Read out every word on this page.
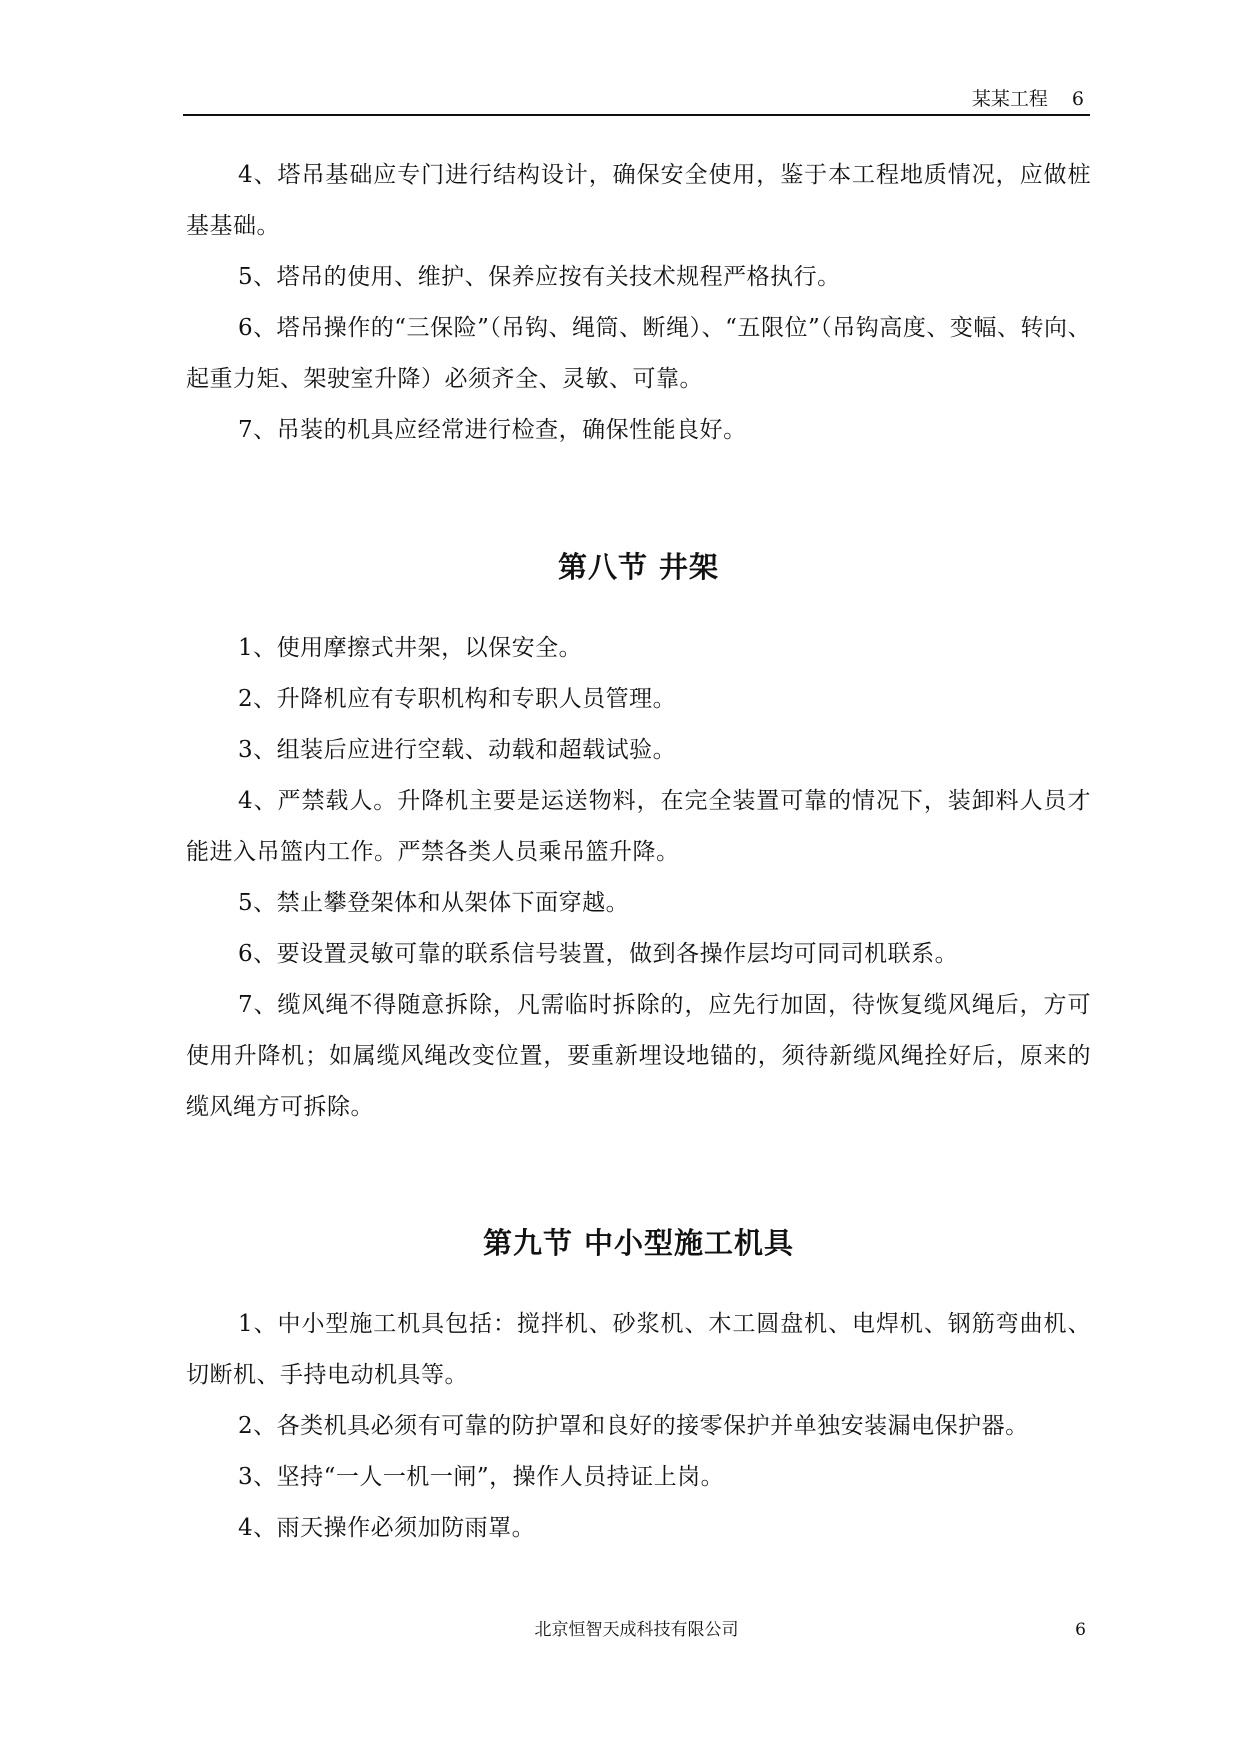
某某工程 6

4、塔吊基础应专门进行结构设计，确保安全使用，鉴于本工程地质情况，应做桩基基础。

5、塔吊的使用、维护、保养应按有关技术规程严格执行。

6、塔吊操作的“三保险”（吊钩、绳筒、断绳）、“五限位”（吊钩高度、变幅、转向、起重力矩、架驶室升降）必须齐全、灵敏、可靠。

7、吊装的机具应经常进行检查，确保性能良好。

第八节 井架

1、使用摩擦式井架，以保安全。

2、升降机应有专职机构和专职人员管理。

3、组装后应进行空载、动载和超载试验。

4、严禁载人。升降机主要是运送物料，在完全装置可靠的情况下，装卸料人员才能进入吊篮内工作。严禁各类人员乘吊篮升降。

5、禁止攀登架体和从架体下面穿越。

6、要设置灵敏可靠的联系信号装置，做到各操作层均可同司机联系。

7、缆风绳不得随意拆除，凡需临时拆除的，应先行加固，待恢复缆风绳后，方可使用升降机；如属缆风绳改变位置，要重新埋设地锚的，须待新缆风绳拴好后，原来的缆风绳方可拆除。

第九节 中小型施工机具

1、中小型施工机具包括：搅拌机、砂浆机、木工圆盘机、电焊机、钢筋弯曲机、切断机、手持电动机具等。

2、各类机具必须有可靠的防护罩和良好的接零保护并单独安装漏电保护器。

3、坚持“一人一机一闸”，操作人员持证上岗。

4、雨天操作必须加防雨罩。

北京恒智天成科技有限公司	6
